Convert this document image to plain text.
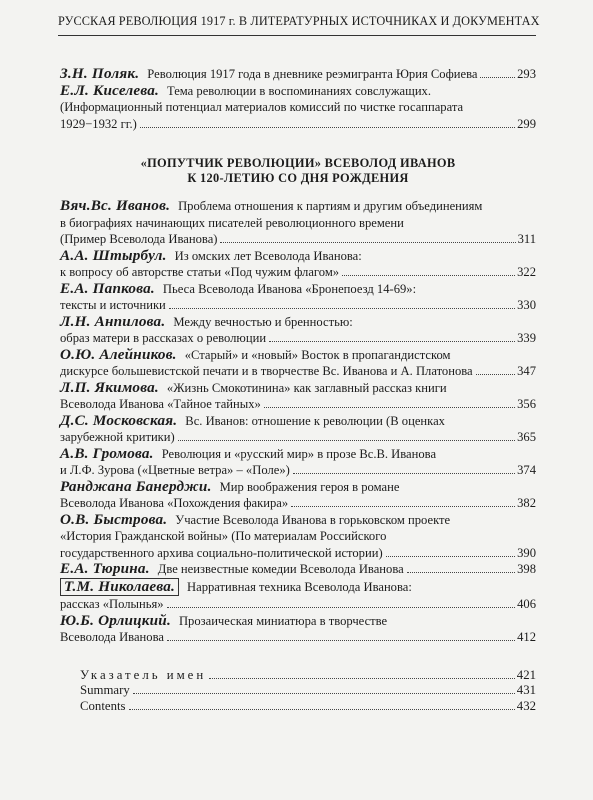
РУССКАЯ РЕВОЛЮЦИЯ 1917 г. В ЛИТЕРАТУРНЫХ ИСТОЧНИКАХ И ДОКУМЕНТАХ
З.Н. Поляк. Революция 1917 года в дневнике реэмигранта Юрия Софиева	293
Е.Л. Киселева. Тема революции в воспоминаниях совслужащих.
(Информационный потенциал материалов комиссий по чистке госаппарата
1929−1932 гг.)	299
«ПОПУТЧИК РЕВОЛЮЦИИ» ВСЕВОЛОД ИВАНОВ
К 120-ЛЕТИЮ СО ДНЯ РОЖДЕНИЯ
Вяч.Вс. Иванов. Проблема отношения к партиям и другим объединениям
в биографиях начинающих писателей революционного времени
(Пример Всеволода Иванова)	311
А.А. Штырбул. Из омских лет Всеволода Иванова:
к вопросу об авторстве статьи «Под чужим флагом»	322
Е.А. Папкова. Пьеса Всеволода Иванова «Бронепоезд 14-69»:
тексты и источники	330
Л.Н. Анпилова. Между вечностью и бренностью:
образ матери в рассказах о революции	339
О.Ю. Алейников. «Старый» и «новый» Восток в пропагандистском
дискурсе большевистской печати и в творчестве Вс. Иванова и А. Платонова	347
Л.П. Якимова. «Жизнь Смокотинина» как заглавный рассказ книги
Всеволода Иванова «Тайное тайных»	356
Д.С. Московская. Вс. Иванов: отношение к революции (В оценках
зарубежной критики)	365
А.В. Громова. Революция и «русский мир» в прозе Вс.В. Иванова
и Л.Ф. Зурова («Цветные ветра» – «Поле»)	374
Ранджана Банерджи. Мир воображения героя в романе
Всеволода Иванова «Похождения факира»	382
О.В. Быстрова. Участие Всеволода Иванова в горьковском проекте
«История Гражданской войны» (По материалам Российского
государственного архива социально-политической истории)	390
Е.А. Тюрина. Две неизвестные комедии Всеволода Иванова	398
Т.М. Николаева. Нарративная техника Всеволода Иванова:
рассказ «Полынья»	406
Ю.Б. Орлицкий. Прозаическая миниатюра в творчестве
Всеволода Иванова	412
Указатель имен	421
Summary	431
Contents	432
